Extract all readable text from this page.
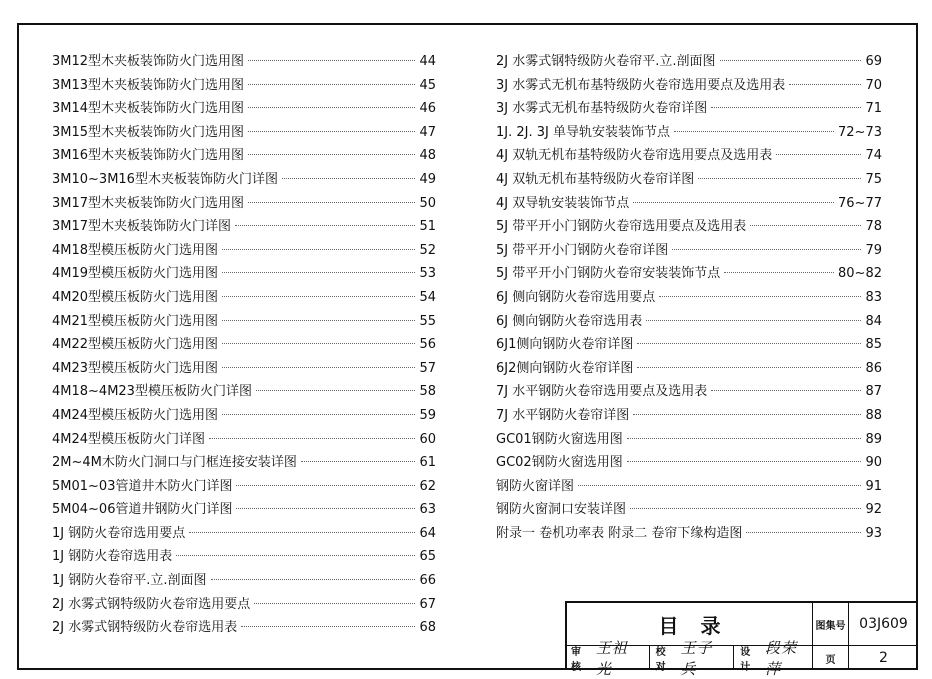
3M12型木夹板装饰防火门选用图	44
3M13型木夹板装饰防火门选用图	45
3M14型木夹板装饰防火门选用图	46
3M15型木夹板装饰防火门选用图	47
3M16型木夹板装饰防火门选用图	48
3M10~3M16型木夹板装饰防火门详图	49
3M17型木夹板装饰防火门选用图	50
3M17型木夹板装饰防火门详图	51
4M18型模压板防火门选用图	52
4M19型模压板防火门选用图	53
4M20型模压板防火门选用图	54
4M21型模压板防火门选用图	55
4M22型模压板防火门选用图	56
4M23型模压板防火门选用图	57
4M18~4M23型模压板防火门详图	58
4M24型模压板防火门选用图	59
4M24型模压板防火门详图	60
2M~4M木防火门洞口与门框连接安装详图	61
5M01~03管道井木防火门详图	62
5M04~06管道井钢防火门详图	63
1J 钢防火卷帘选用要点	64
1J 钢防火卷帘选用表	65
1J 钢防火卷帘平.立.剖面图	66
2J 水雾式钢特级防火卷帘选用要点	67
2J 水雾式钢特级防火卷帘选用表	68
2J 水雾式钢特级防火卷帘平.立.剖面图	69
3J 水雾式无机布基特级防火卷帘选用要点及选用表	70
3J 水雾式无机布基特级防火卷帘详图	71
1J. 2J. 3J 单导轨安装装饰节点	72~73
4J 双轨无机布基特级防火卷帘选用要点及选用表	74
4J 双轨无机布基特级防火卷帘详图	75
4J 双导轨安装装饰节点	76~77
5J 带平开小门钢防火卷帘选用要点及选用表	78
5J 带平开小门钢防火卷帘详图	79
5J 带平开小门钢防火卷帘安装装饰节点	80~82
6J 侧向钢防火卷帘选用要点	83
6J 侧向钢防火卷帘选用表	84
6J1侧向钢防火卷帘详图	85
6J2侧向钢防火卷帘详图	86
7J 水平钢防火卷帘选用要点及选用表	87
7J 水平钢防火卷帘详图	88
GC01钢防火窗选用图	89
GC02钢防火窗选用图	90
钢防火窗详图	91
钢防火窗洞口安装详图	92
附录一 卷机功率表 附录二 卷帘下缘构造图	93
目录	图集号 03J609
审核
王祖光
校对
王子兵
设计
段荣萍	页	2
